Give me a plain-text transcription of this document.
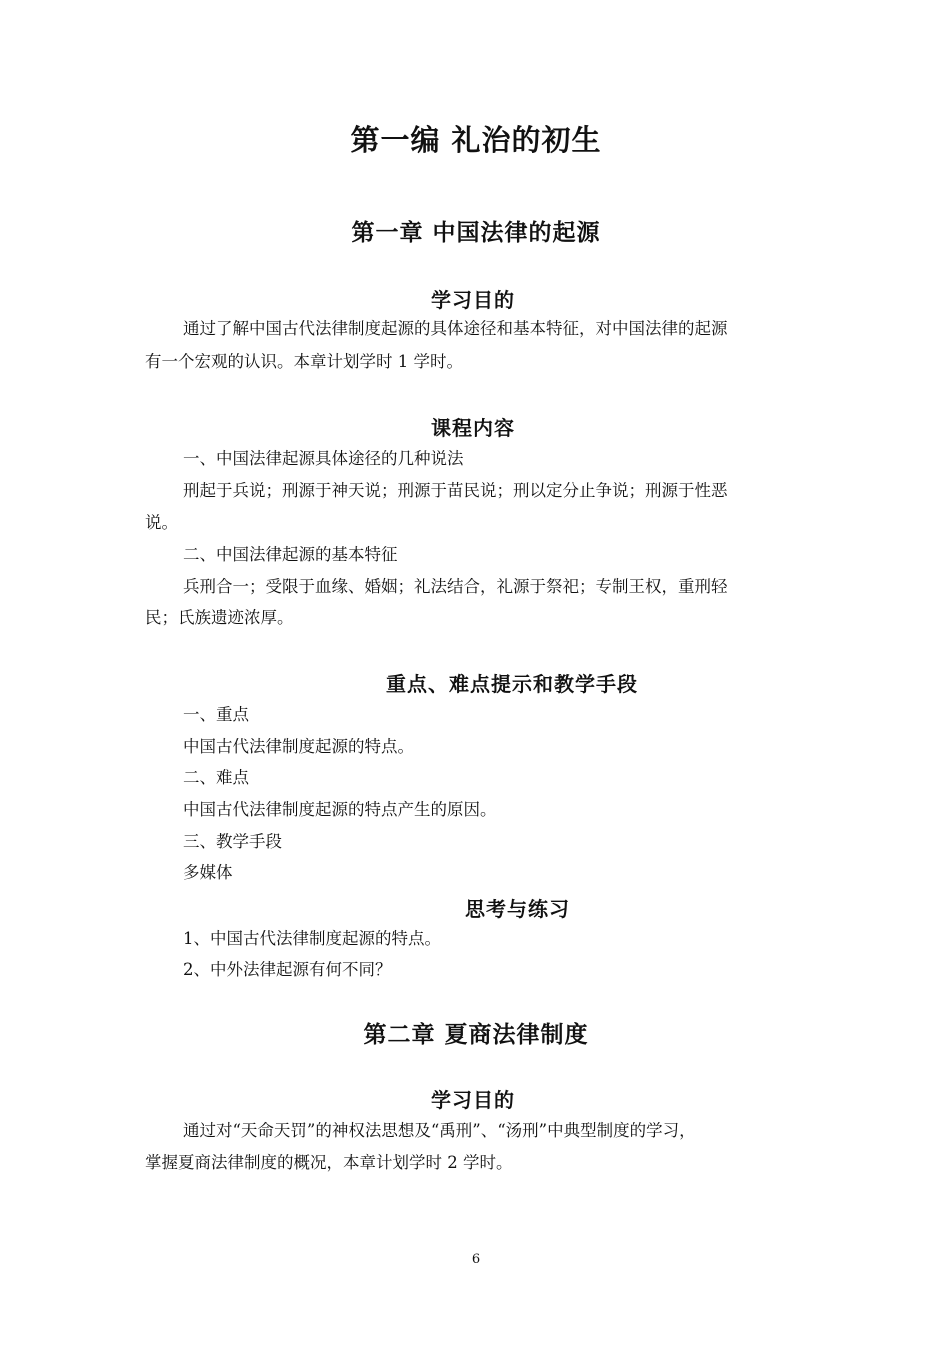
第一编 礼治的初生
第一章 中国法律的起源
学习目的
通过了解中国古代法律制度起源的具体途径和基本特征，对中国法律的起源
有一个宏观的认识。本章计划学时 1 学时。
课程内容
一、中国法律起源具体途径的几种说法
刑起于兵说；刑源于神天说；刑源于苗民说；刑以定分止争说；刑源于性恶
说。
二、中国法律起源的基本特征
兵刑合一；受限于血缘、婚姻；礼法结合，礼源于祭祀；专制王权，重刑轻
民；氏族遗迹浓厚。
重点、难点提示和教学手段
一、重点
中国古代法律制度起源的特点。
二、难点
中国古代法律制度起源的特点产生的原因。
三、教学手段
多媒体
思考与练习
1、中国古代法律制度起源的特点。
2、中外法律起源有何不同？
第二章 夏商法律制度
学习目的
通过对“天命天罚”的神权法思想及“禹刑”、“汤刑”中典型制度的学习，
掌握夏商法律制度的概况，本章计划学时 2 学时。
6
